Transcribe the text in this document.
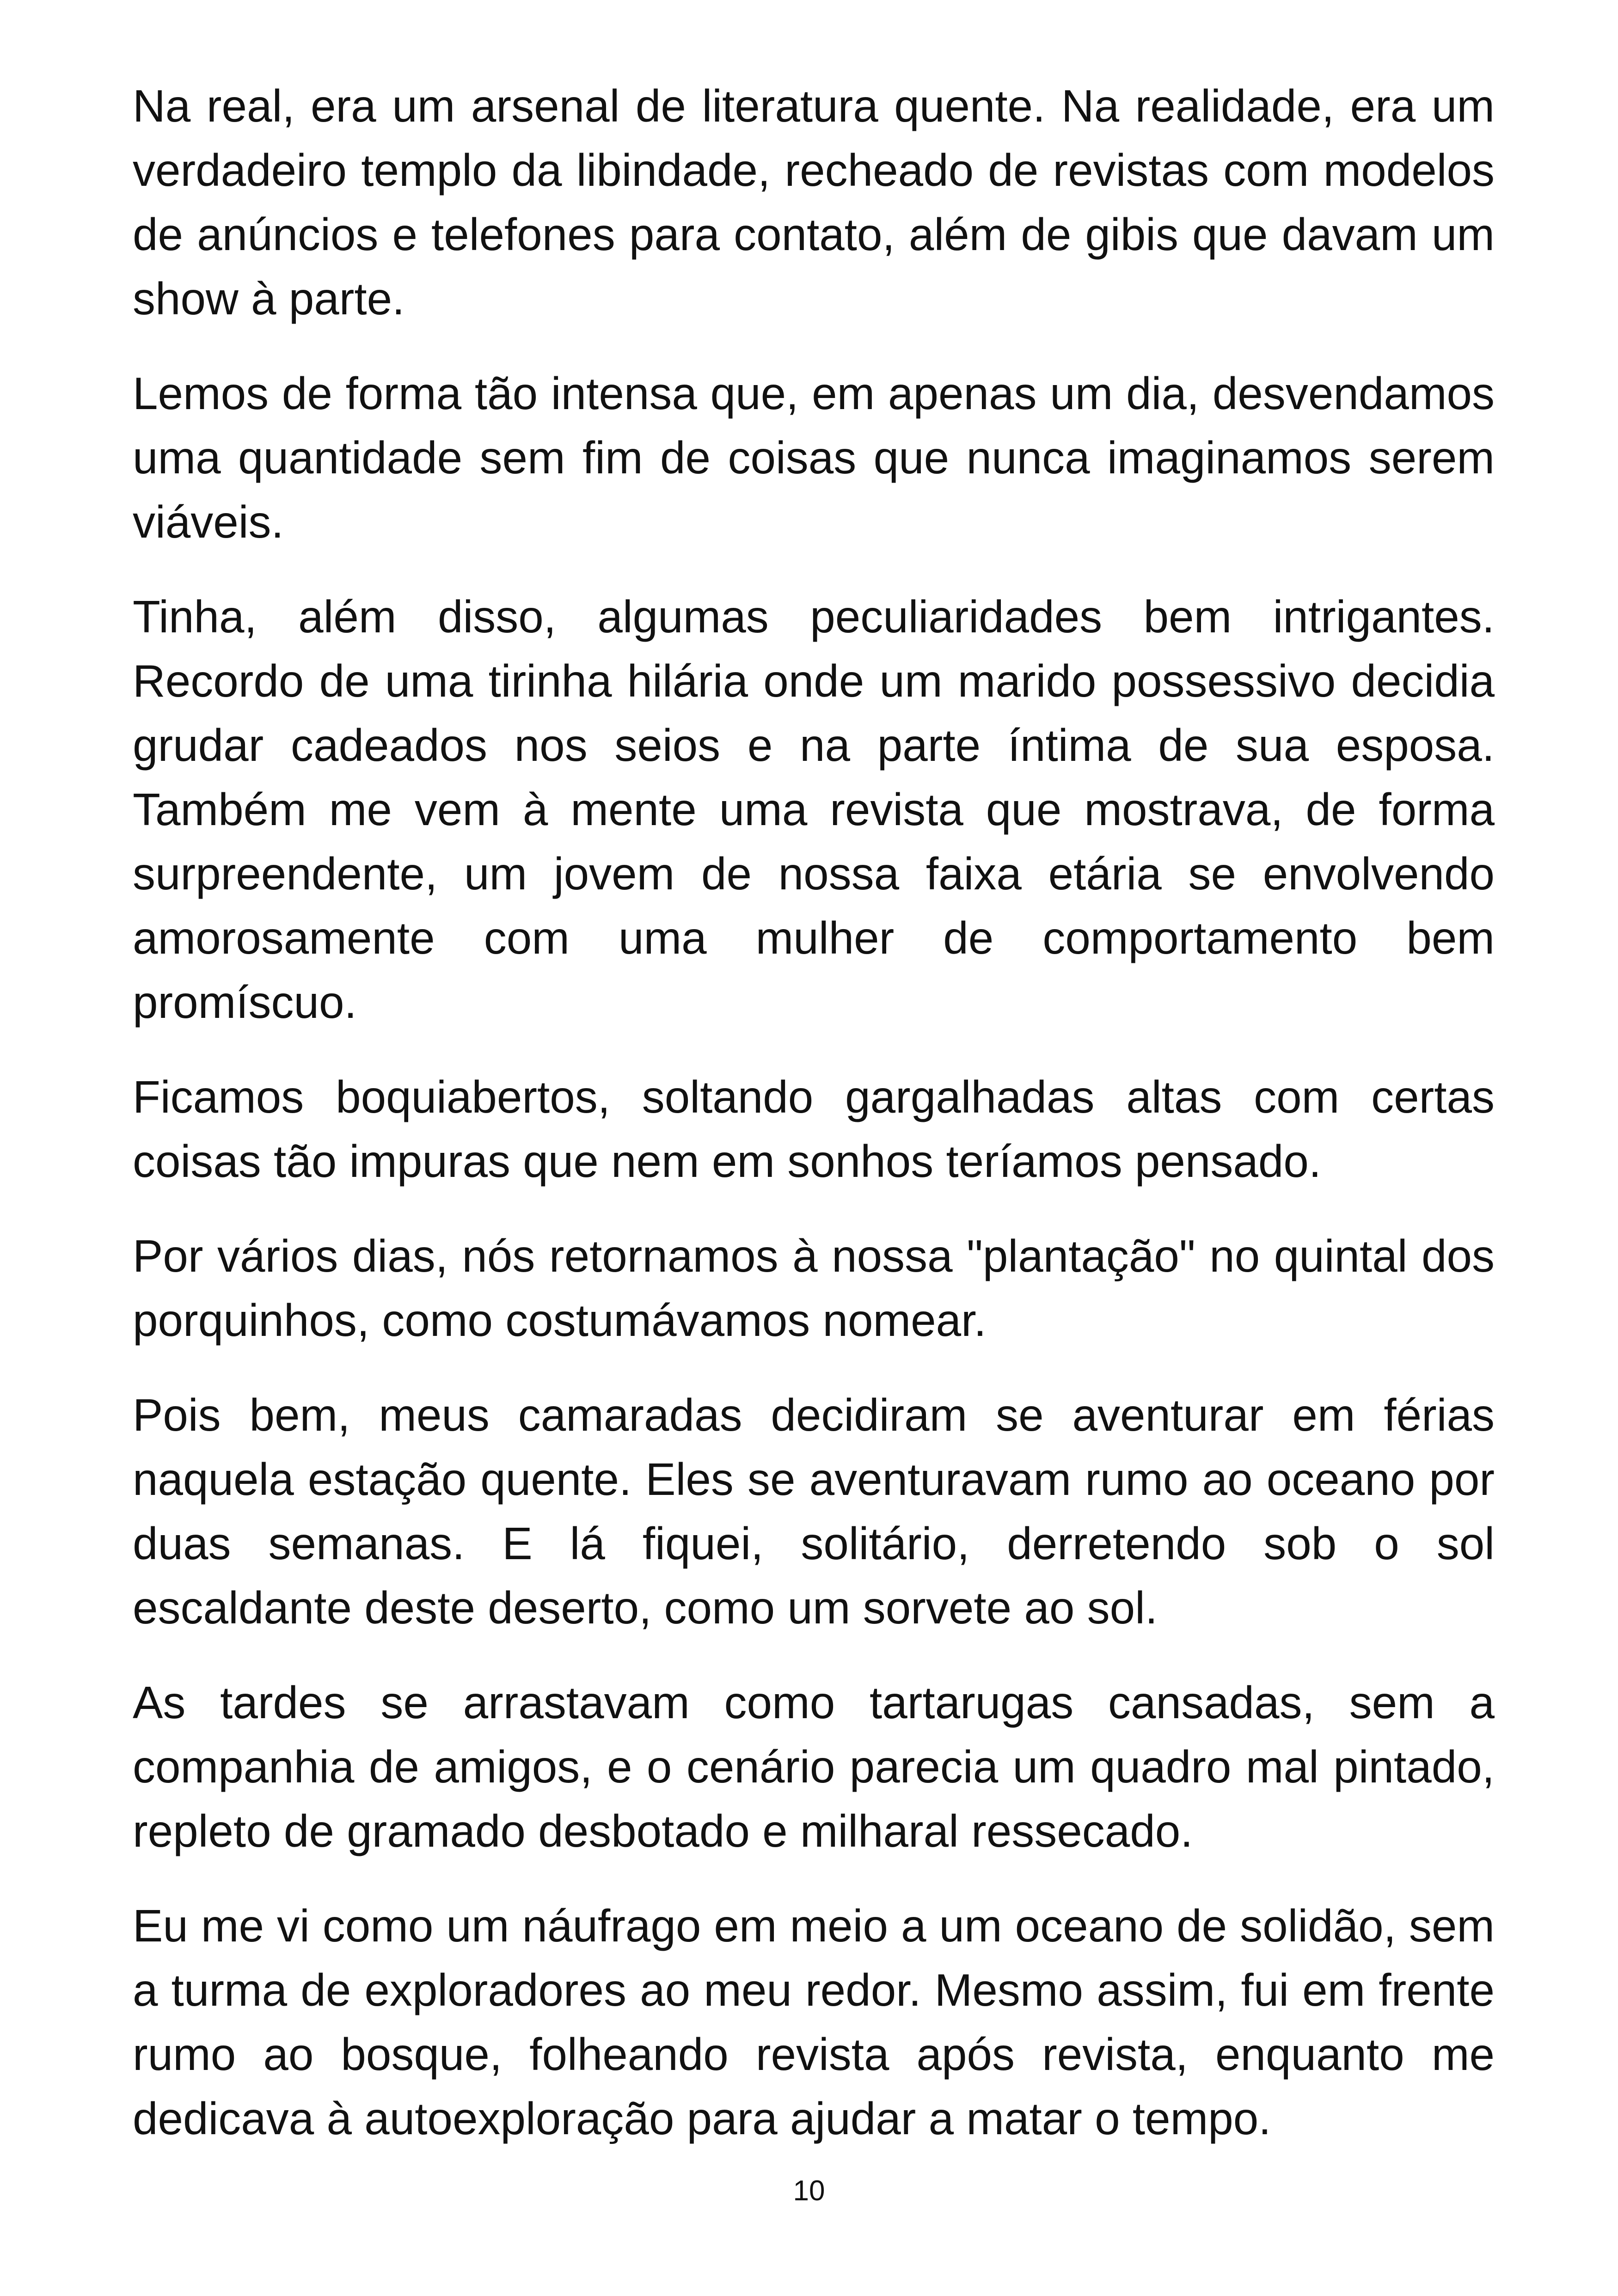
Na real, era um arsenal de literatura quente. Na realidade, era um verdadeiro templo da libindade, recheado de revistas com modelos de anúncios e telefones para contato, além de gibis que davam um show à parte.

Lemos de forma tão intensa que, em apenas um dia, desvendamos uma quantidade sem fim de coisas que nunca imaginamos serem viáveis.

Tinha, além disso, algumas peculiaridades bem intrigantes. Recordo de uma tirinha hilária onde um marido possessivo decidia grudar cadeados nos seios e na parte íntima de sua esposa. Também me vem à mente uma revista que mostrava, de forma surpreendente, um jovem de nossa faixa etária se envolvendo amorosamente com uma mulher de comportamento bem promíscuo.

Ficamos boquiabertos, soltando gargalhadas altas com certas coisas tão impuras que nem em sonhos teríamos pensado.

Por vários dias, nós retornamos à nossa "plantação" no quintal dos porquinhos, como costumávamos nomear.

Pois bem, meus camaradas decidiram se aventurar em férias naquela estação quente. Eles se aventuravam rumo ao oceano por duas semanas. E lá fiquei, solitário, derretendo sob o sol escaldante deste deserto, como um sorvete ao sol.

As tardes se arrastavam como tartarugas cansadas, sem a companhia de amigos, e o cenário parecia um quadro mal pintado, repleto de gramado desbotado e milharal ressecado.

Eu me vi como um náufrago em meio a um oceano de solidão, sem a turma de exploradores ao meu redor. Mesmo assim, fui em frente rumo ao bosque, folheando revista após revista, enquanto me dedicava à autoexploração para ajudar a matar o tempo.

10
